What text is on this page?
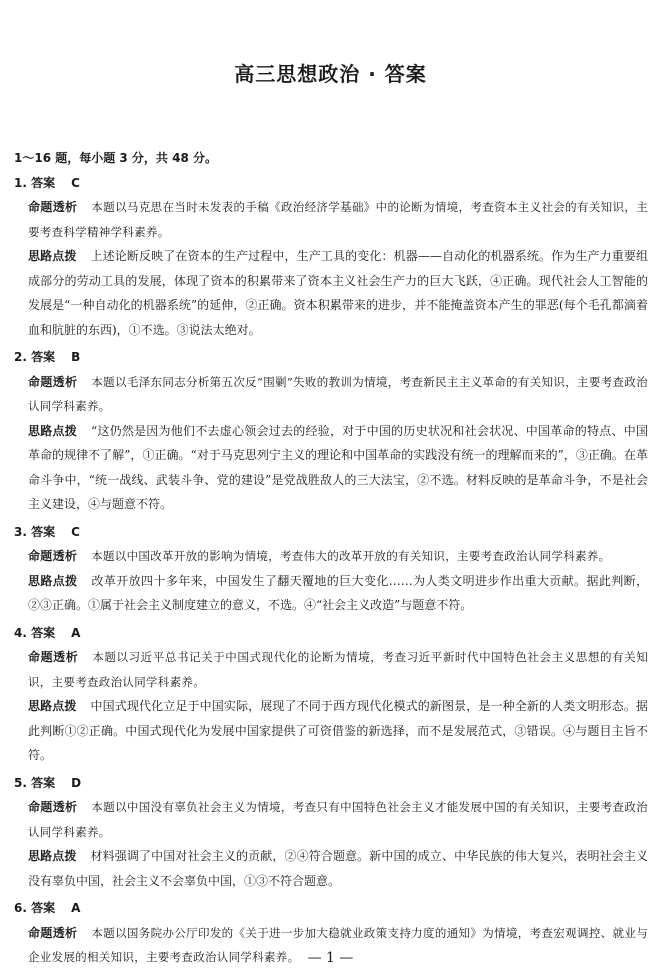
高三思想政治 · 答案
1～16 题，每小题 3 分，共 48 分。
1. 答案 C
命题透析 本题以马克思在当时未发表的手稿《政治经济学基础》中的论断为情境，考查资本主义社会的有关知识，主要考查科学精神学科素养。
思路点拨 上述论断反映了在资本的生产过程中，生产工具的变化：机器——自动化的机器系统。作为生产力重要组成部分的劳动工具的发展，体现了资本的积累带来了资本主义社会生产力的巨大飞跃，④正确。现代社会人工智能的发展是“一种自动化的机器系统”的延伸，②正确。资本积累带来的进步，并不能掩盖资本产生的罪恶(每个毛孔都滴着血和肮脏的东西)，①不选。③说法太绝对。
2. 答案 B
命题透析 本题以毛泽东同志分析第五次反“围剿”失败的教训为情境，考查新民主主义革命的有关知识，主要考查政治认同学科素养。
思路点拨 “这仍然是因为他们不去虚心领会过去的经验，对于中国的历史状况和社会状况、中国革命的特点、中国革命的规律不了解”，①正确。“对于马克思列宁主义的理论和中国革命的实践没有统一的理解而来的”，③正确。在革命斗争中，“统一战线、武装斗争、党的建设”是党战胜敌人的三大法宝，②不选。材料反映的是革命斗争，不是社会主义建设，④与题意不符。
3. 答案 C
命题透析 本题以中国改革开放的影响为情境，考查伟大的改革开放的有关知识，主要考查政治认同学科素养。
思路点拨 改革开放四十多年来，中国发生了翻天覆地的巨大变化……为人类文明进步作出重大贡献。据此判断，②③正确。①属于社会主义制度建立的意义，不选。④“社会主义改造”与题意不符。
4. 答案 A
命题透析 本题以习近平总书记关于中国式现代化的论断为情境，考查习近平新时代中国特色社会主义思想的有关知识，主要考查政治认同学科素养。
思路点拨 中国式现代化立足于中国实际，展现了不同于西方现代化模式的新图景，是一种全新的人类文明形态。据此判断①②正确。中国式现代化为发展中国家提供了可资借鉴的新选择，而不是发展范式，③错误。④与题目主旨不符。
5. 答案 D
命题透析 本题以中国没有辜负社会主义为情境，考查只有中国特色社会主义才能发展中国的有关知识，主要考查政治认同学科素养。
思路点拨 材料强调了中国对社会主义的贡献，②④符合题意。新中国的成立、中华民族的伟大复兴，表明社会主义没有辜负中国，社会主义不会辜负中国，①③不符合题意。
6. 答案 A
命题透析 本题以国务院办公厅印发的《关于进一步加大稳就业政策支持力度的通知》为情境，考查宏观调控、就业与企业发展的相关知识，主要考查政治认同学科素养。 — 1 —
